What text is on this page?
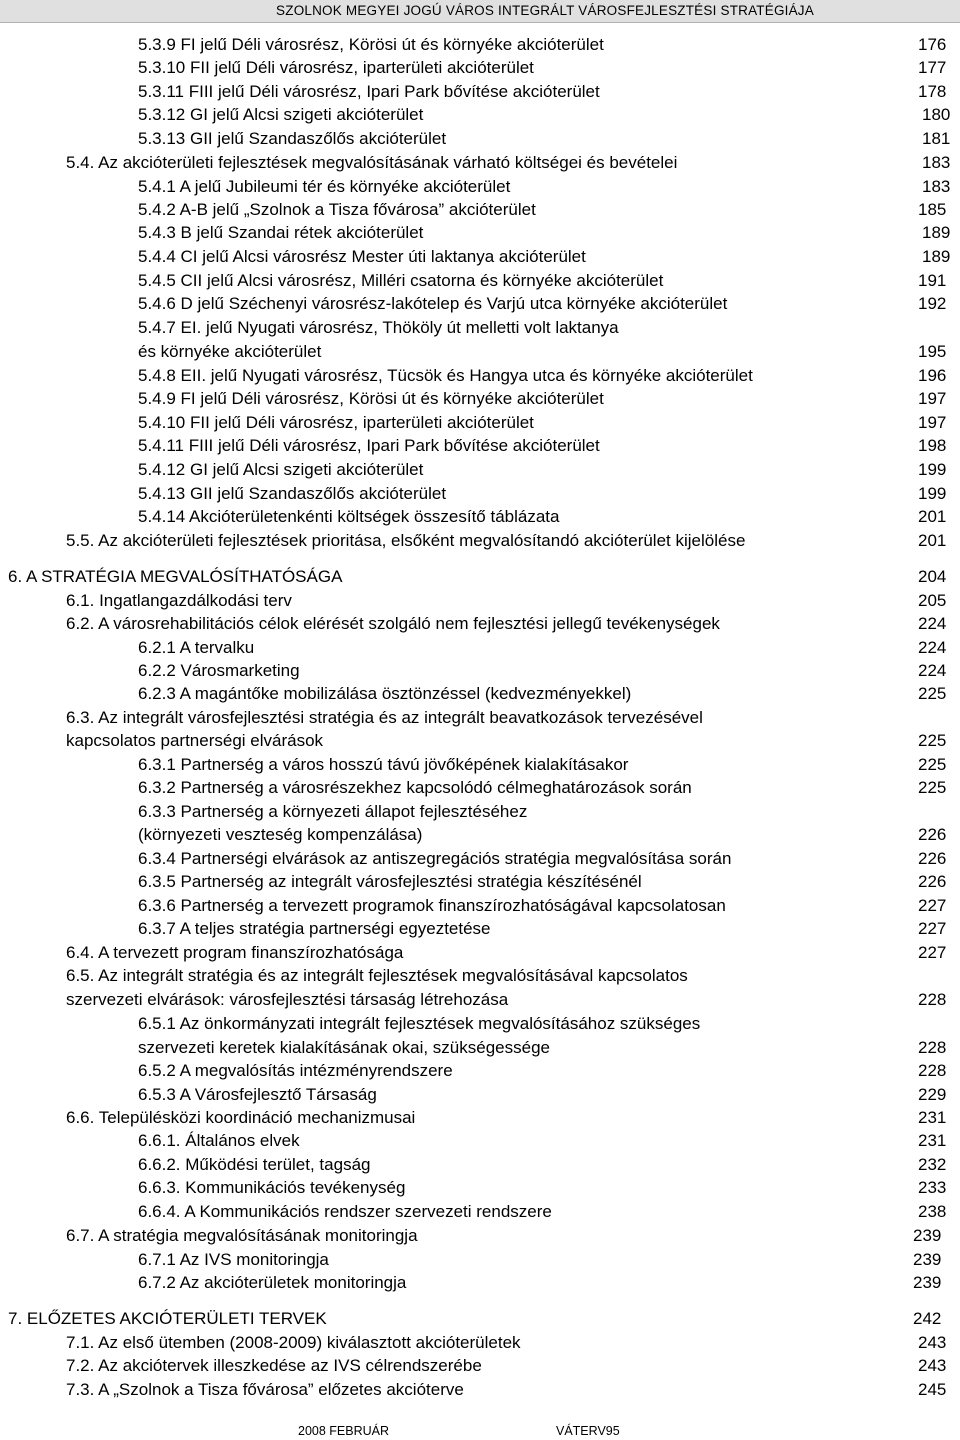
SZOLNOK MEGYEI JOGÚ VÁROS INTEGRÁLT VÁROSFEJLESZTÉSI STRATÉGIÁJA
5.3.9 FI jelű Déli városrész, Körösi út és környéke akcióterület	176
5.3.10 FII jelű Déli városrész, iparterületi akcióterület	177
5.3.11 FIII jelű Déli városrész, Ipari Park bővítése akcióterület	178
5.3.12 GI jelű Alcsi szigeti akcióterület	180
5.3.13 GII jelű Szandaszőlős akcióterület	181
5.4. Az akcióterületi fejlesztések megvalósításának várható költségei és bevételei	183
5.4.1 A jelű Jubileumi tér és környéke akcióterület	183
5.4.2 A-B jelű „Szolnok a Tisza fővárosa” akcióterület	185
5.4.3 B jelű Szandai rétek akcióterület	189
5.4.4 CI jelű Alcsi városrész Mester úti laktanya akcióterület	189
5.4.5 CII jelű Alcsi városrész, Milléri csatorna és környéke akcióterület	191
5.4.6 D jelű Széchenyi városrész-lakótelep és Varjú utca környéke akcióterület	192
5.4.7 EI. jelű Nyugati városrész, Thököly út melletti volt laktanya
és környéke akcióterület	195
5.4.8 EII. jelű Nyugati városrész, Tücsök és Hangya utca és környéke akcióterület	196
5.4.9 FI jelű Déli városrész, Körösi út és környéke akcióterület	197
5.4.10 FII jelű Déli városrész, iparterületi akcióterület	197
5.4.11 FIII jelű Déli városrész, Ipari Park bővítése akcióterület	198
5.4.12 GI jelű Alcsi szigeti akcióterület	199
5.4.13 GII jelű Szandaszőlős akcióterület	199
5.4.14 Akcióterületenkénti költségek összesítő táblázata	201
5.5. Az akcióterületi fejlesztések prioritása, elsőként megvalósítandó akcióterület kijelölése	201
6. A STRATÉGIA MEGVALÓSÍTHATÓSÁGA	204
6.1. Ingatlangazdálkodási terv	205
6.2. A városrehabilitációs célok elérését szolgáló nem fejlesztési jellegű tevékenységek	224
6.2.1 A tervalku	224
6.2.2 Városmarketing	224
6.2.3 A magántőke mobilizálása ösztönzéssel (kedvezményekkel)	225
6.3. Az integrált városfejlesztési stratégia és az integrált beavatkozások tervezésével
kapcsolatos partnerségi elvárások	225
6.3.1 Partnerség a város hosszú távú jövőképének kialakításakor	225
6.3.2 Partnerség a városrészekhez kapcsolódó célmeghatározások során	225
6.3.3 Partnerség a környezeti állapot fejlesztéséhez
(környezeti veszteség kompenzálása)	226
6.3.4 Partnerségi elvárások az antiszegregációs stratégia megvalósítása során	226
6.3.5 Partnerség az integrált városfejlesztési stratégia készítésénél	226
6.3.6 Partnerség a tervezett programok finanszírozhatóságával kapcsolatosan	227
6.3.7 A teljes stratégia partnerségi egyeztetése	227
6.4. A tervezett program finanszírozhatósága	227
6.5. Az integrált stratégia és az integrált fejlesztések megvalósításával kapcsolatos
szervezeti elvárások: városfejlesztési társaság létrehozása	228
6.5.1 Az önkormányzati integrált fejlesztések megvalósításához szükséges
szervezeti keretek kialakításának okai, szükségessége	228
6.5.2 A megvalósítás intézményrendszere	228
6.5.3 A Városfejlesztő Társaság	229
6.6. Településközi koordináció mechanizmusai	231
6.6.1. Általános elvek	231
6.6.2. Működési terület, tagság	232
6.6.3. Kommunikációs tevékenység	233
6.6.4. A Kommunikációs rendszer szervezeti rendszere	238
6.7. A stratégia megvalósításának monitoringja	239
6.7.1 Az IVS monitoringja	239
6.7.2 Az akcióterületek monitoringja	239
7. ELŐZETES AKCIÓTERÜLETI TERVEK	242
7.1. Az első ütemben (2008-2009) kiválasztott akcióterületek	243
7.2. Az akciótervek illeszkedése az IVS célrendszerébe	243
7.3. A „Szolnok a Tisza fővárosa” előzetes akcióterve	245
2008 FEBRUÁR	VÁTERV95
